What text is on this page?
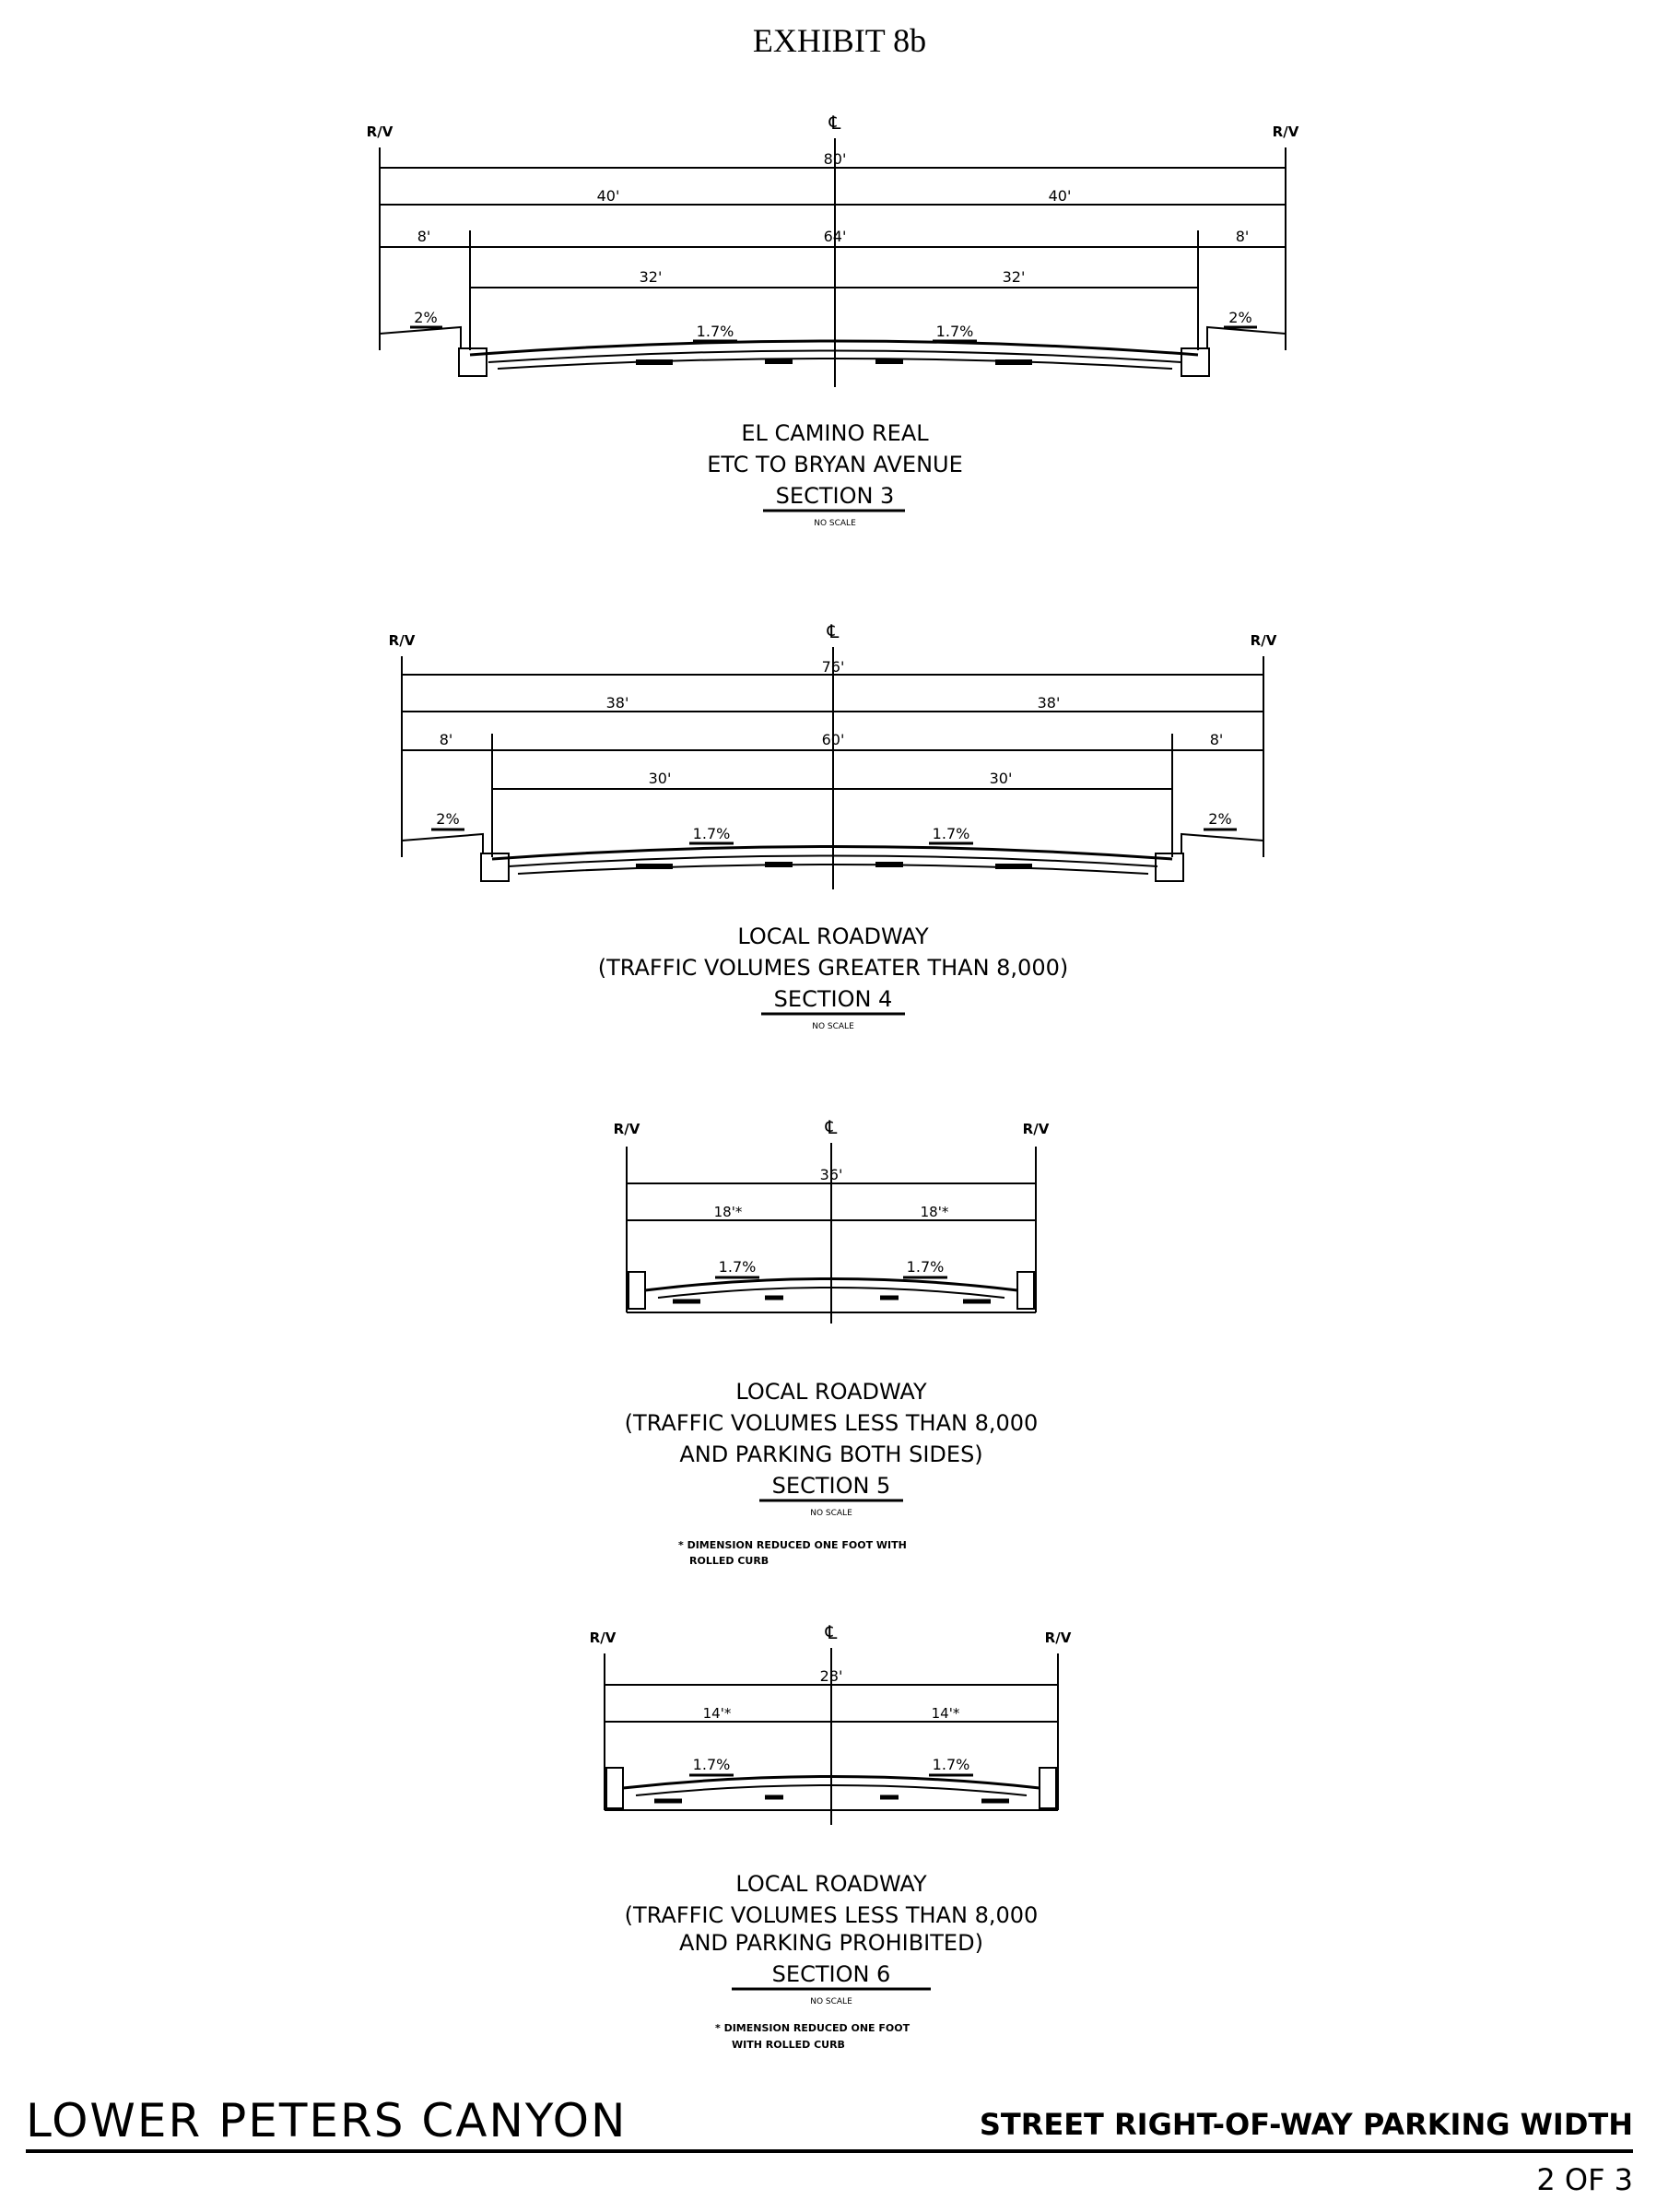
EXHIBIT 8b
R/V	R/V
℄
80'
40'	40'
8'	64'	8'
32'	32'
2%
1.7%	1.7%
2%
EL CAMINO REAL
ETC TO BRYAN AVENUE
SECTION 3
NO SCALE
R/V	R/V
℄
76'
38'	38'
8'	60'	8'
30'	30'
2%
1.7%	1.7%
2%
LOCAL ROADWAY
(TRAFFIC VOLUMES GREATER THAN 8,000)
SECTION 4
NO SCALE
R/V	R/V
℄
36'
18'*	18'*
1.7%	1.7%
LOCAL ROADWAY
(TRAFFIC VOLUMES LESS THAN 8,000
AND PARKING BOTH SIDES)
SECTION 5
NO SCALE
* DIMENSION REDUCED ONE FOOT WITH
ROLLED CURB
R/V	R/V
℄
28'
14'*	14'*
1.7%	1.7%
LOCAL ROADWAY
(TRAFFIC VOLUMES LESS THAN 8,000
AND PARKING PROHIBITED)
SECTION 6
NO SCALE
* DIMENSION REDUCED ONE FOOT
WITH ROLLED CURB
LOWER PETERS CANYON	STREET RIGHT-OF-WAY PARKING WIDTH
2 OF 3
